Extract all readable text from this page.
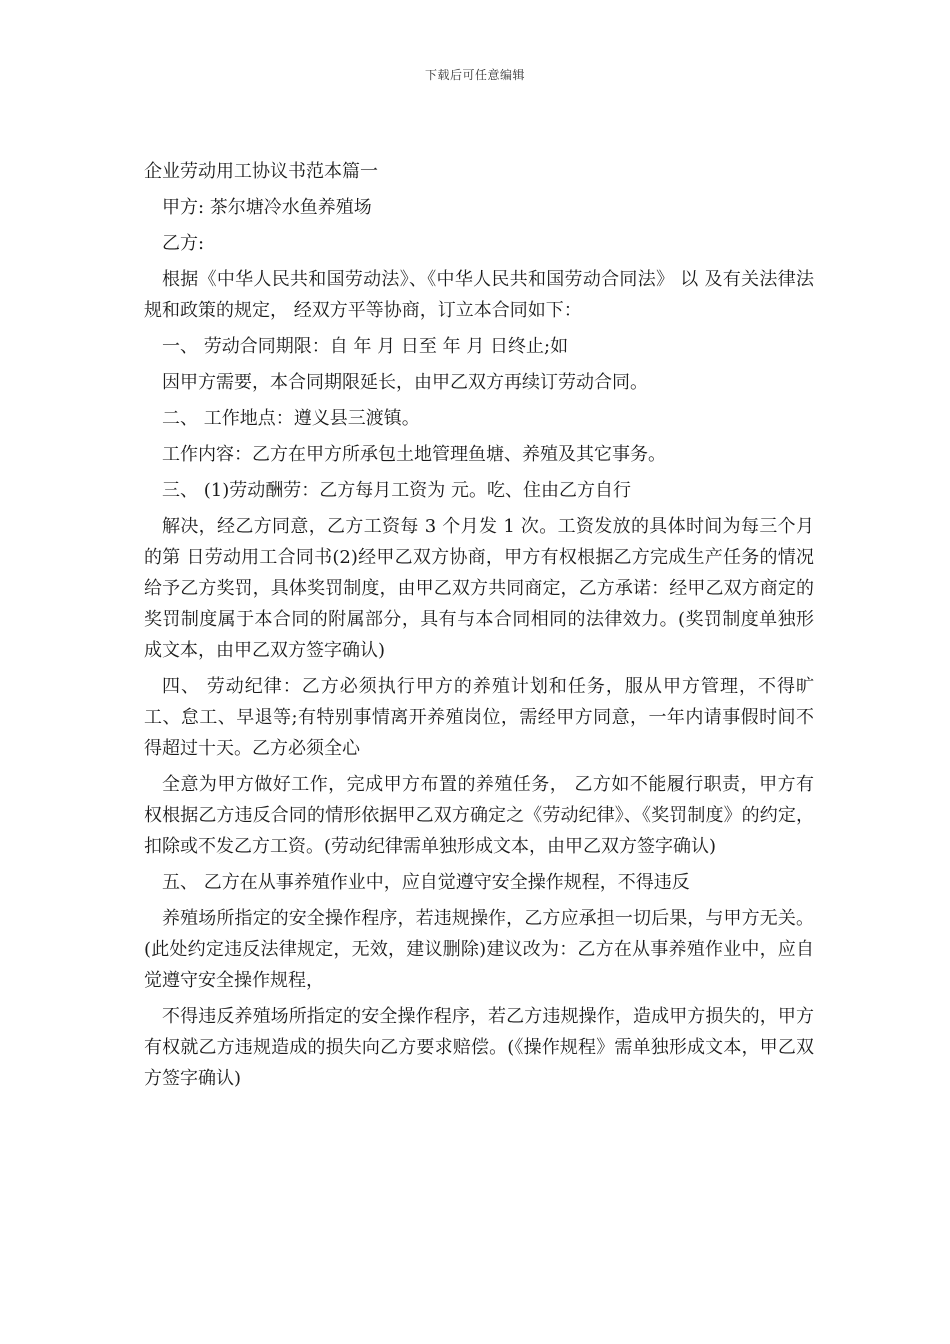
下载后可任意编辑

企业劳动用工协议书范本篇一

甲方: 茶尔塘冷水鱼养殖场

乙方:

根据《中华人民共和国劳动法》、《中华人民共和国劳动合同法》 以 及有关法律法规和政策的规定， 经双方平等协商，订立本合同如下：

一、 劳动合同期限：自 年 月 日至 年 月 日终止;如

因甲方需要，本合同期限延长，由甲乙双方再续订劳动合同。

二、 工作地点：遵义县三渡镇。

工作内容：乙方在甲方所承包土地管理鱼塘、养殖及其它事务。

三、 (1)劳动酬劳：乙方每月工资为 元。吃、住由乙方自行

解决，经乙方同意，乙方工资每 3 个月发 1 次。工资发放的具体时间为每三个月的第 日劳动用工合同书(2)经甲乙双方协商，甲方有权根据乙方完成生产任务的情况给予乙方奖罚，具体奖罚制度，由甲乙双方共同商定，乙方承诺：经甲乙双方商定的奖罚制度属于本合同的附属部分，具有与本合同相同的法律效力。(奖罚制度单独形成文本，由甲乙双方签字确认)

四、 劳动纪律：乙方必须执行甲方的养殖计划和任务，服从甲方管理，不得旷工、怠工、早退等;有特别事情离开养殖岗位，需经甲方同意，一年内请事假时间不得超过十天。乙方必须全心

全意为甲方做好工作，完成甲方布置的养殖任务， 乙方如不能履行职责，甲方有权根据乙方违反合同的情形依据甲乙双方确定之《劳动纪律》、《奖罚制度》的约定，扣除或不发乙方工资。(劳动纪律需单独形成文本，由甲乙双方签字确认)

五、 乙方在从事养殖作业中，应自觉遵守安全操作规程，不得违反

养殖场所指定的安全操作程序，若违规操作，乙方应承担一切后果，与甲方无关。(此处约定违反法律规定，无效，建议删除)建议改为：乙方在从事养殖作业中，应自觉遵守安全操作规程，

不得违反养殖场所指定的安全操作程序，若乙方违规操作，造成甲方损失的，甲方有权就乙方违规造成的损失向乙方要求赔偿。(《操作规程》需单独形成文本，甲乙双方签字确认)
